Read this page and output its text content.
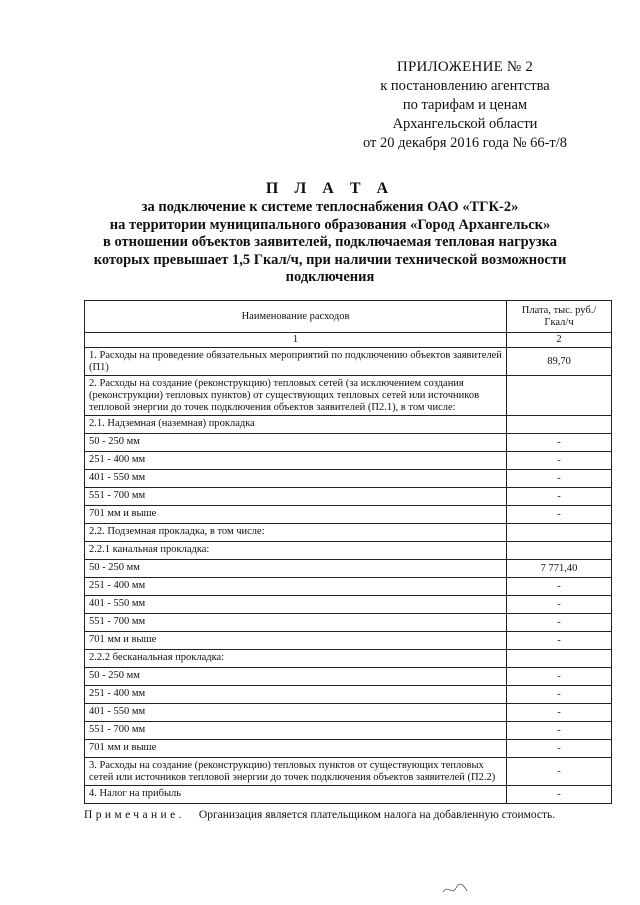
ПРИЛОЖЕНИЕ № 2
к постановлению агентства
по тарифам и ценам
Архангельской области
от 20 декабря 2016 года № 66-т/8
П Л А Т А
за подключение к системе теплоснабжения ОАО «ТГК-2»
на территории муниципального образования «Город Архангельск»
в отношении объектов заявителей, подключаемая тепловая нагрузка
которых превышает 1,5 Гкал/ч, при наличии технической возможности
подключения
Наименование расходов	Плата, тыс. руб./Гкал/ч
1	2
1. Расходы на проведение обязательных мероприятий по подключению объектов заявителей (П1)	89,70
2. Расходы на создание (реконструкцию) тепловых сетей (за исключением создания (реконструкции) тепловых пунктов) от существующих тепловых сетей или источников тепловой энергии до точек подключения объектов заявителей (П2.1), в том числе:	
2.1. Надземная (наземная) прокладка	
50 - 250 мм	-
251 - 400 мм	-
401 - 550 мм	-
551 - 700 мм	-
701 мм и выше	-
2.2. Подземная прокладка, в том числе:	
2.2.1 канальная прокладка:	
50 - 250 мм	7 771,40
251 - 400 мм	-
401 - 550 мм	-
551 - 700 мм	-
701 мм и выше	-
2.2.2 бесканальная прокладка:	
50 - 250 мм	-
251 - 400 мм	-
401 - 550 мм	-
551 - 700 мм	-
701 мм и выше	-
3. Расходы на создание (реконструкцию) тепловых пунктов от существующих тепловых сетей или источников тепловой энергии до точек подключения объектов заявителей (П2.2)	-
4. Налог на прибыль	-
Примечание. Организация является плательщиком налога на добавленную стоимость.
